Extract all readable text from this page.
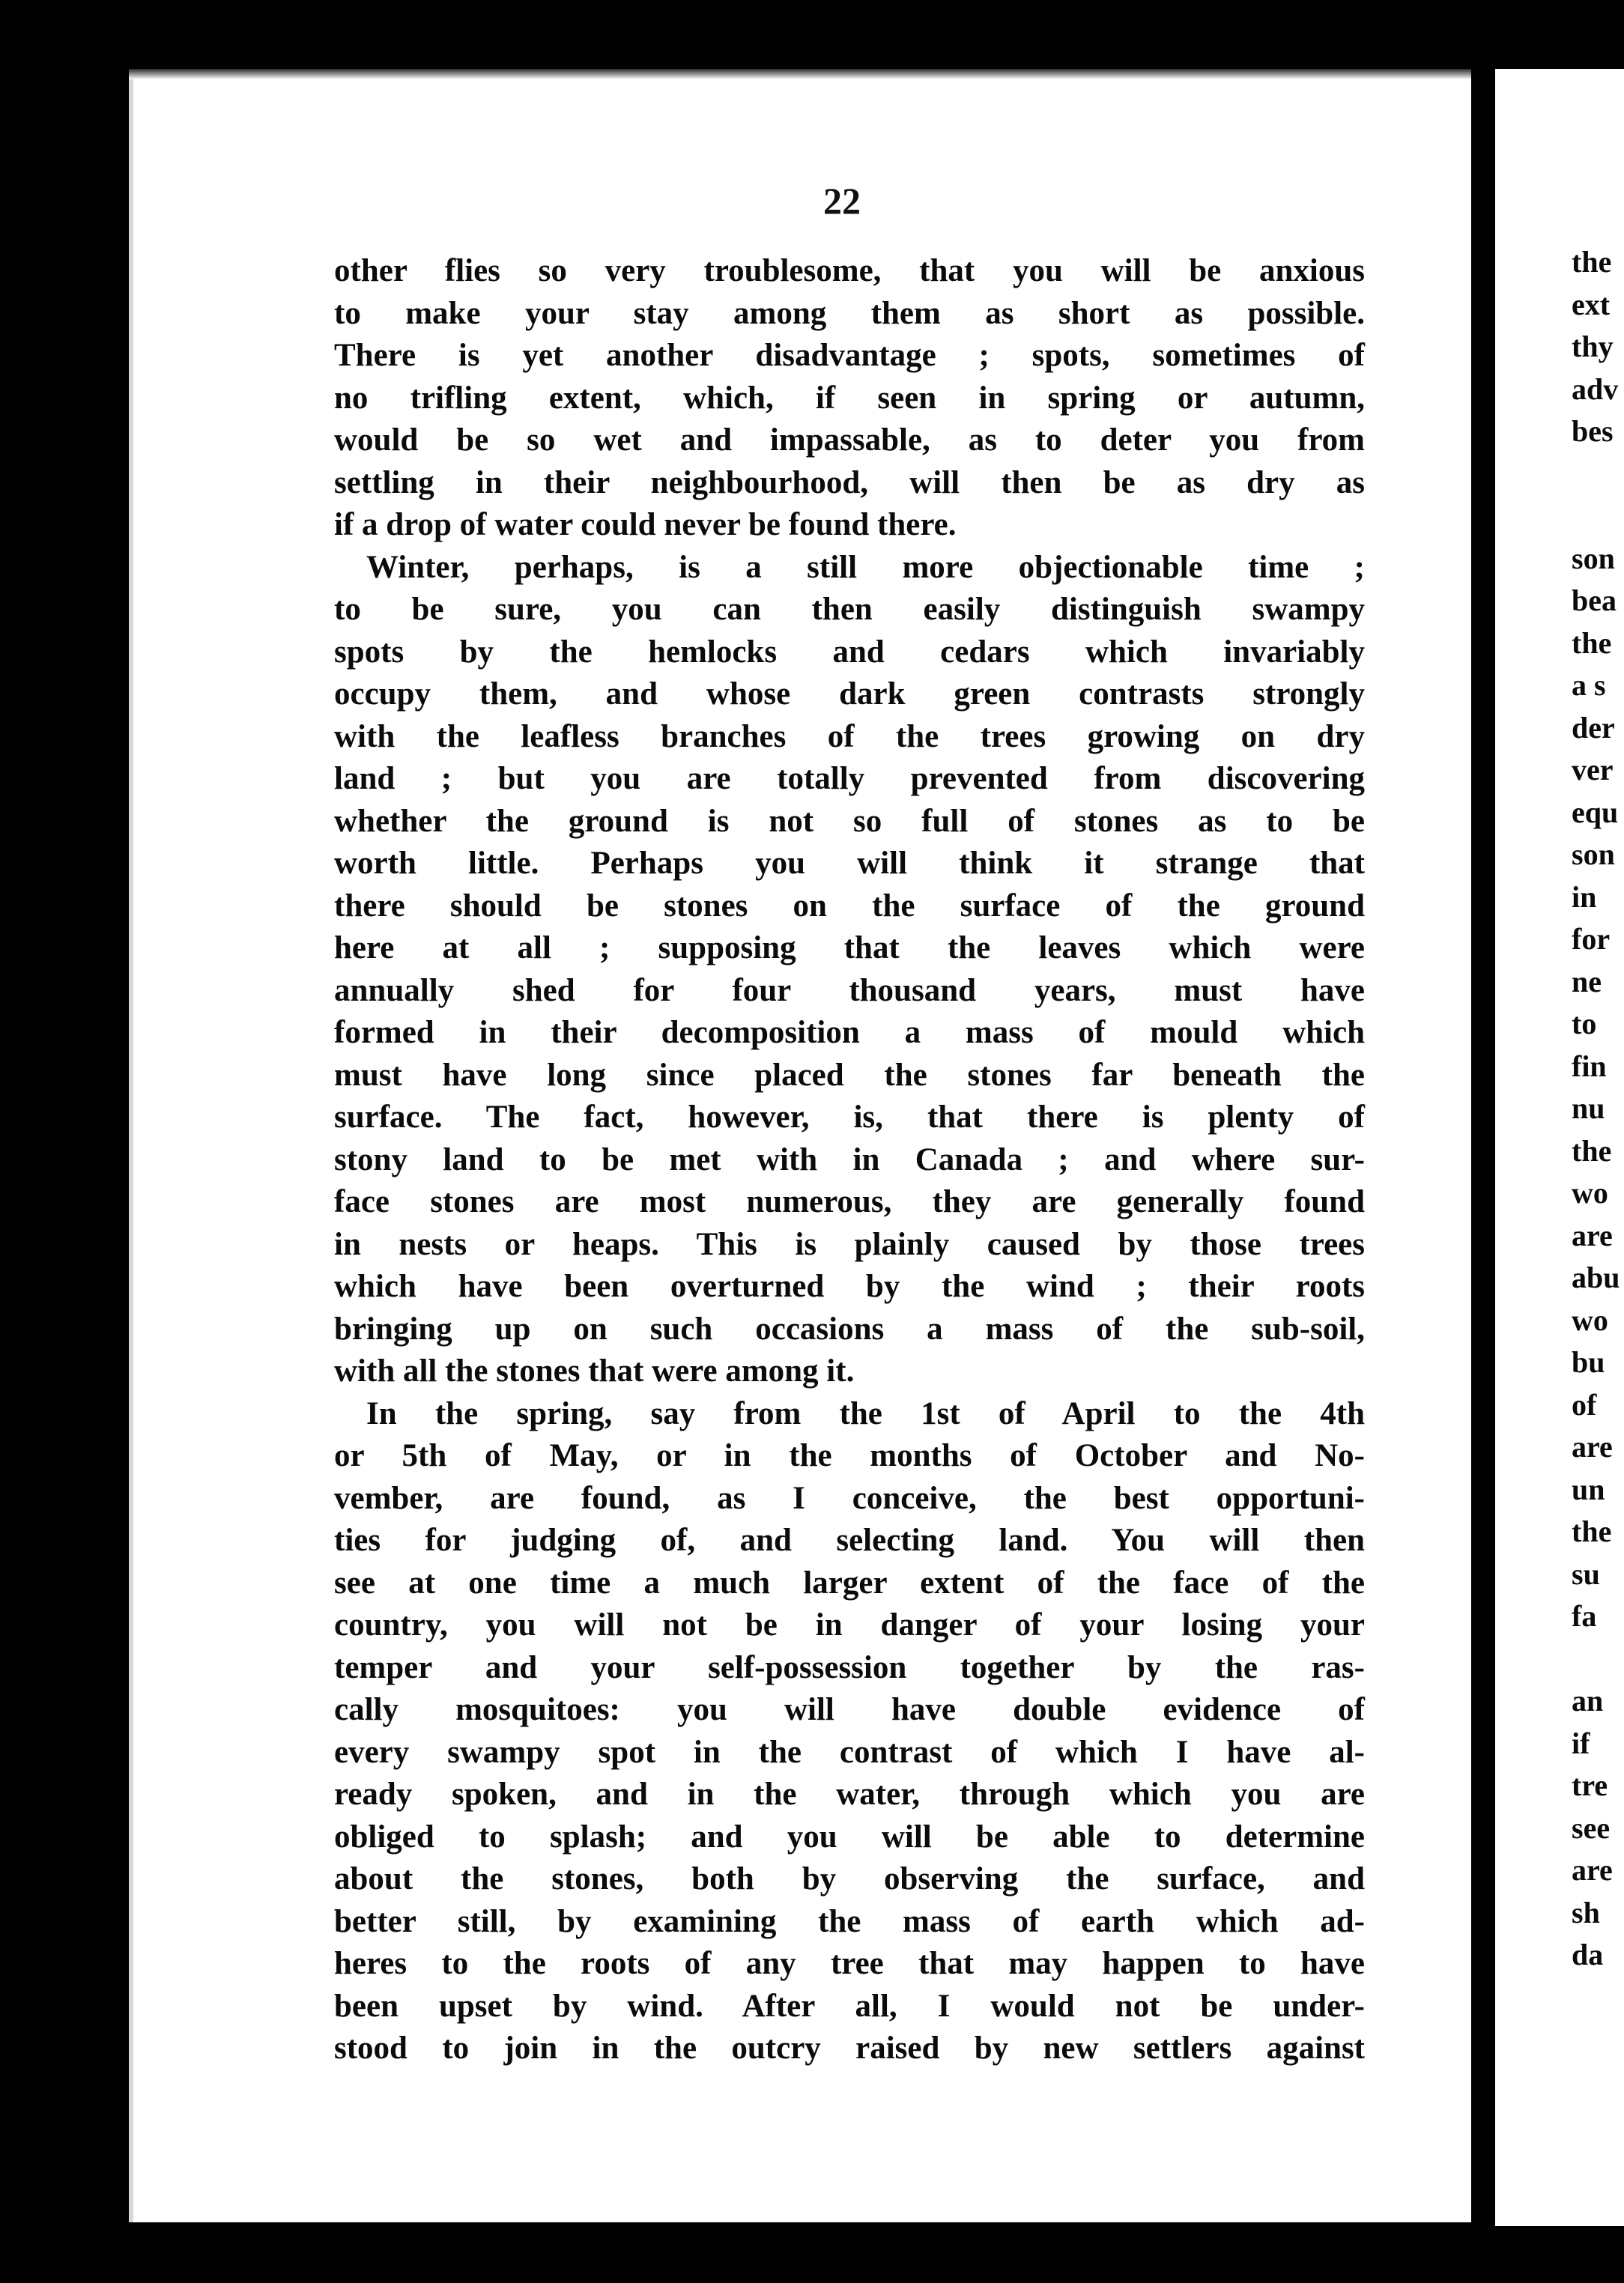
22
other flies so very troublesome, that you will be anxious
to make your stay among them as short as possible.
There is yet another disadvantage ; spots, sometimes of
no trifling extent, which, if seen in spring or autumn,
would be so wet and impassable, as to deter you from
settling in their neighbourhood, will then be as dry as
if a drop of water could never be found there.
 Winter, perhaps, is a still more objectionable time ;
to be sure, you can then easily distinguish swampy
spots by the hemlocks and cedars which invariably
occupy them, and whose dark green contrasts strongly
with the leafless branches of the trees growing on dry
land ; but you are totally prevented from discovering
whether the ground is not so full of stones as to be
worth little. Perhaps you will think it strange that
there should be stones on the surface of the ground
here at all ; supposing that the leaves which were
annually shed for four thousand years, must have
formed in their decomposition a mass of mould which
must have long since placed the stones far beneath the
surface. The fact, however, is, that there is plenty of
stony land to be met with in Canada ; and where sur-
face stones are most numerous, they are generally found
in nests or heaps. This is plainly caused by those trees
which have been overturned by the wind ; their roots
bringing up on such occasions a mass of the sub-soil,
with all the stones that were among it.
 In the spring, say from the 1st of April to the 4th
or 5th of May, or in the months of October and No-
vember, are found, as I conceive, the best opportuni-
ties for judging of, and selecting land. You will then
see at one time a much larger extent of the face of the
country, you will not be in danger of your losing your
temper and your self-possession together by the ras-
cally mosquitoes: you will have double evidence of
every swampy spot in the contrast of which I have al-
ready spoken, and in the water, through which you are
obliged to splash; and you will be able to determine
about the stones, both by observing the surface, and
better still, by examining the mass of earth which ad-
heres to the roots of any tree that may happen to have
been upset by wind. After all, I would not be under-
stood to join in the outcry raised by new settlers against
the
ext
thy
adv
bes
son
bea
the
a s
der
ver
equ
son
in
for
ne
to
fin
nu
the
wo
are
abu
wo
bu
of
are
un
the
su
fa
an
if
tre
see
are
sh
da
